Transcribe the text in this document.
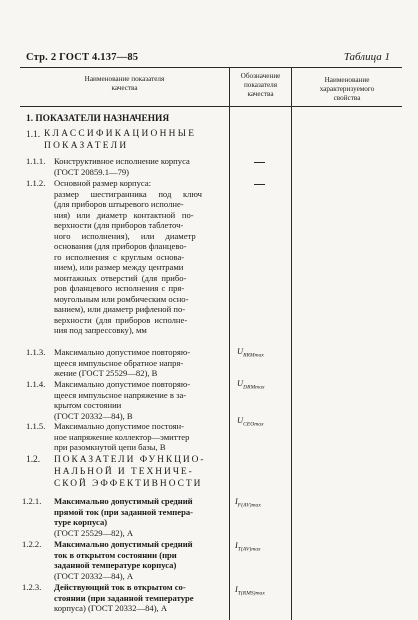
Стр. 2 ГОСТ 4.137—85	Таблица 1
Наименование показателя
качества
Обозначение
показателя
качества
Наименование
характеризуемого
свойства
1. ПОКАЗАТЕЛИ НАЗНАЧЕНИЯ
1.1. КЛАССИФИКАЦИОННЫЕ
ПОКАЗАТЕЛИ
1.1.1. Конструктивное исполнение корпуса
(ГОСТ 20859.1—79)
1.1.2. Основной размер корпуса:
размер шестигранника под ключ
(для приборов штыревого исполне-
ния) или диаметр контактной по-
верхности (для приборов таблеточ-
ного исполнения), или диаметр
основания (для приборов фланцево-
го исполнения с круглым основа-
нием), или размер между центрами
монтажных отверстий (для прибо-
ров фланцевого исполнения с пря-
моугольным или ромбическим осно-
ванием), или диаметр рифленой по-
верхности (для приборов исполне-
ния под запрессовку), мм
1.1.3. Максимально допустимое повторяю-
щееся импульсное обратное напря-
жение (ГОСТ 25529—82), В
$U_{RRMmax}$
1.1.4. Максимально допустимое повторяю-
щееся импульсное напряжение в за-
крытом состоянии
(ГОСТ 20332—84), В
$U_{DRMmax}$
1.1.5. Максимально допустимое постоян-
ное напряжение коллектор—эмиттер
при разомкнутой цепи базы, В
$U_{CEOmax}$
1.2. ПОКАЗАТЕЛИ ФУНКЦИО-
НАЛЬНОЙ И ТЕХНИЧЕ-
СКОЙ ЭФФЕКТИВНОСТИ
1.2.1. Максимально допустимый средний
прямой ток (при заданной темпера-
туре корпуса)
(ГОСТ 25529—82), А
$I_{F(AV)max}$
1.2.2. Максимально допустимый средний
ток в открытом состоянии (при
заданной температуре корпуса)
(ГОСТ 20332—84), А
$I_{T(AV)max}$
1.2.3. Действующий ток в открытом со-
стоянии (при заданной температуре
корпуса) (ГОСТ 20332—84), А
$I_{T(RMS)max}$
